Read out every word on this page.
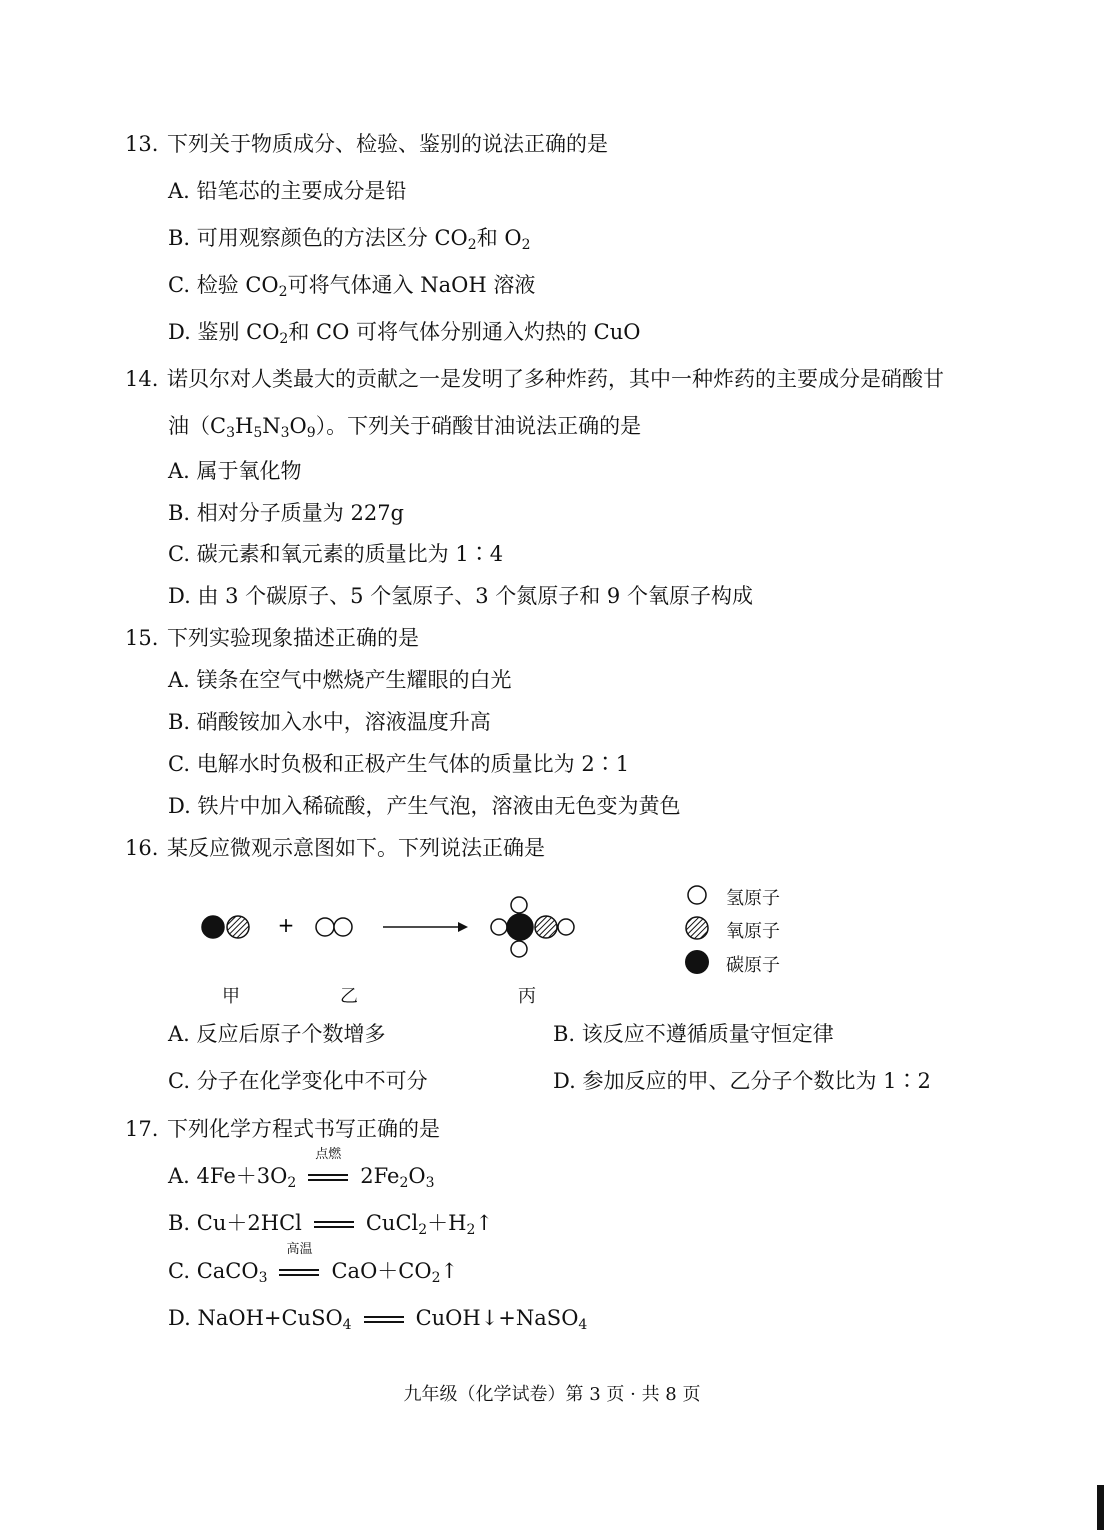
13. 下列关于物质成分、检验、鉴别的说法正确的是
A. 铅笔芯的主要成分是铅
B. 可用观察颜色的方法区分 $CO_2$和 $O_2$
C. 检验 $CO_2$可将气体通入 NaOH 溶液
D. 鉴别 $CO_2$和 CO 可将气体分别通入灼热的 CuO
14. 诺贝尔对人类最大的贡献之一是发明了多种炸药，其中一种炸药的主要成分是硝酸甘
油$(C_3H_5N_3O_9)$。下列关于硝酸甘油说法正确的是
A. 属于氧化物
B. 相对分子质量为 227g
C. 碳元素和氧元素的质量比为 1∶4
D. 由 3 个碳原子、5 个氢原子、3 个氮原子和 9 个氧原子构成
15. 下列实验现象描述正确的是
A. 镁条在空气中燃烧产生耀眼的白光
B. 硝酸铵加入水中，溶液温度升高
C. 电解水时负极和正极产生气体的质量比为 2∶1
D. 铁片中加入稀硫酸，产生气泡，溶液由无色变为黄色
16. 某反应微观示意图如下。下列说法正确是
+
氢原子
氧原子
碳原子
甲	乙	丙
A. 反应后原子个数增多	B. 该反应不遵循质量守恒定律
C. 分子在化学变化中不可分	D. 参加反应的甲、乙分子个数比为 1∶2
17. 下列化学方程式书写正确的是
A. $4Fe+3O_2$
点燃
$2Fe_2O_3$
B. Cu＋2HCl	$CuCl_2+H_2↑$
C. CaCO$_3$
高温
$CaO+CO_2↑$
D. NaOH+CuSO$_4$	CuOH↓+NaSO$_4$
九年级（化学试卷）第 3 页 · 共 8 页
